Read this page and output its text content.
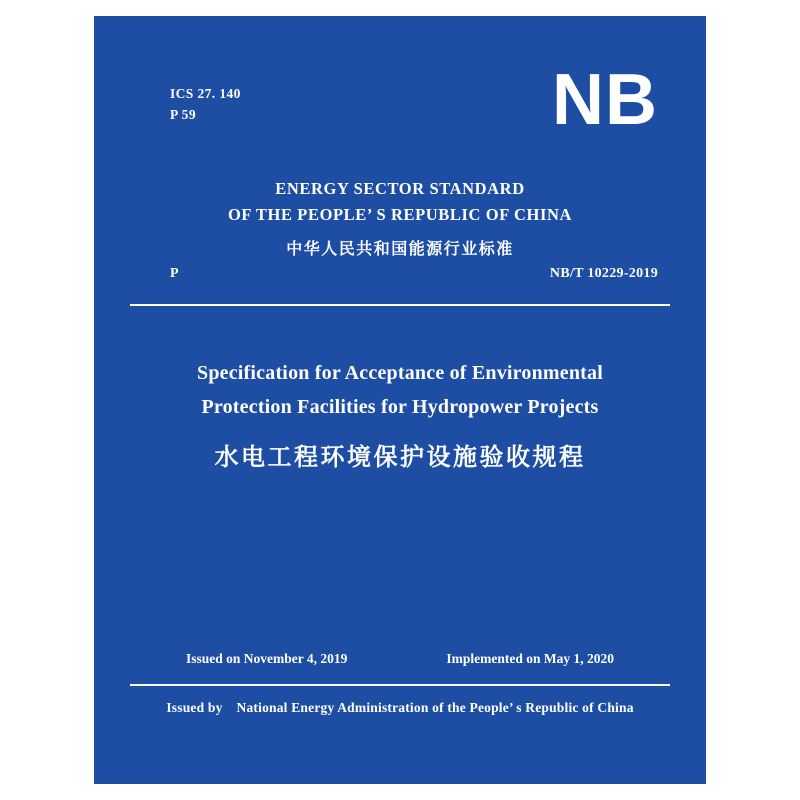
ICS 27. 140
P 59	NB
ENERGY SECTOR STANDARD
OF THE PEOPLE’ S REPUBLIC OF CHINA
中华人民共和国能源行业标准
P	NB/T 10229-2019
Specification for Acceptance of Environmental
Protection Facilities for Hydropower Projects
水电工程环境保护设施验收规程
Issued on November 4, 2019	Implemented on May 1, 2020
Issued by National Energy Administration of the People’ s Republic of China
